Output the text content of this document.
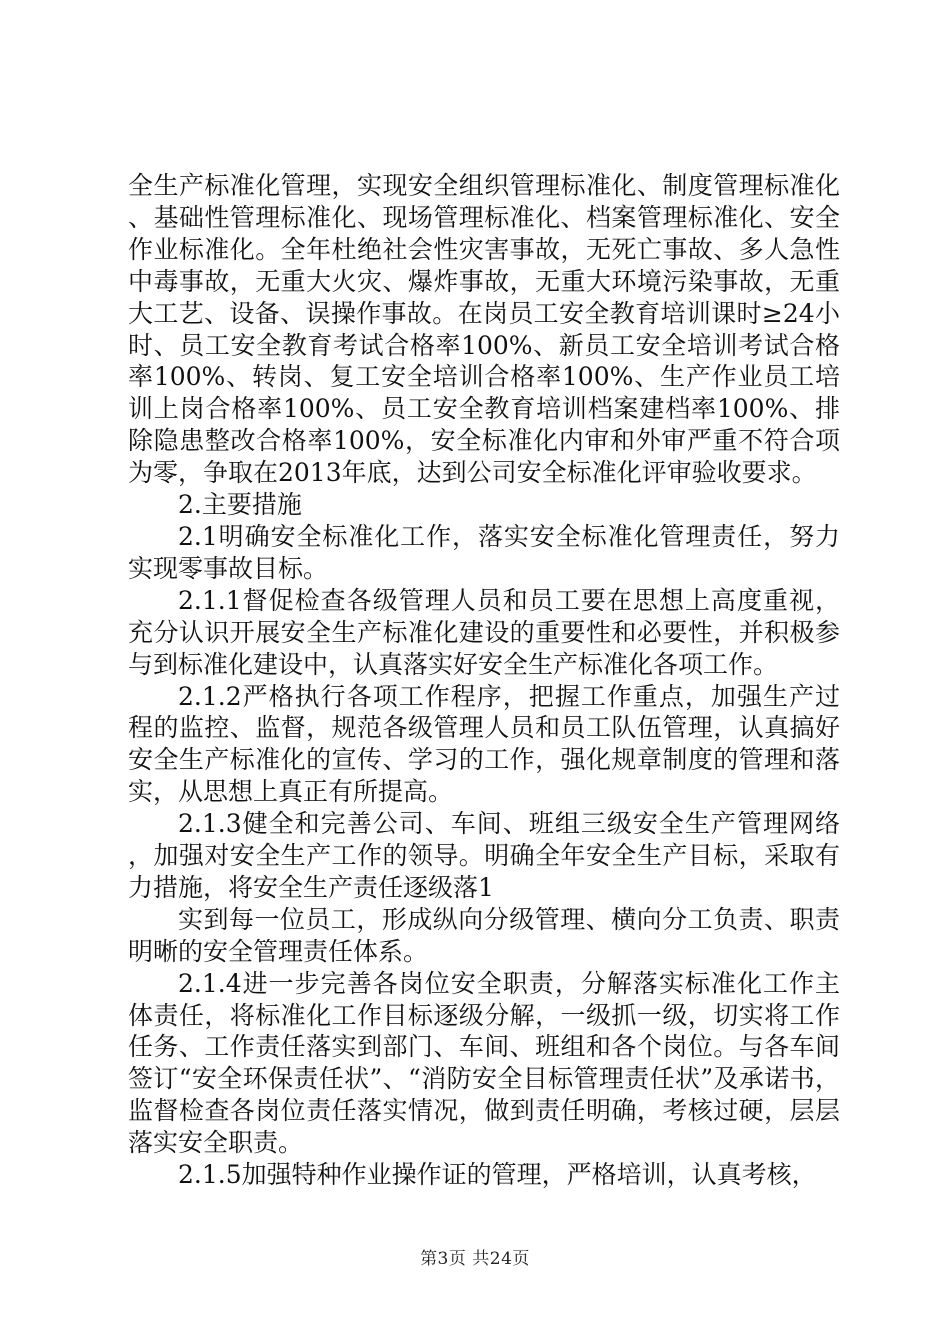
全生产标准化管理，实现安全组织管理标准化、制度管理标准化、基础性管理标准化、现场管理标准化、档案管理标准化、安全作业标准化。全年杜绝社会性灾害事故，无死亡事故、多人急性中毒事故，无重大火灾、爆炸事故，无重大环境污染事故，无重大工艺、设备、误操作事故。在岗员工安全教育培训课时≥24小时、员工安全教育考试合格率100%、新员工安全培训考试合格率100%、转岗、复工安全培训合格率100%、生产作业员工培训上岗合格率100%、员工安全教育培训档案建档率100%、排除隐患整改合格率100%，安全标准化内审和外审严重不符合项为零，争取在2013年底，达到公司安全标准化评审验收要求。

2.主要措施

2.1明确安全标准化工作，落实安全标准化管理责任，努力实现零事故目标。

2.1.1督促检查各级管理人员和员工要在思想上高度重视，充分认识开展安全生产标准化建设的重要性和必要性，并积极参与到标准化建设中，认真落实好安全生产标准化各项工作。

2.1.2严格执行各项工作程序，把握工作重点，加强生产过程的监控、监督，规范各级管理人员和员工队伍管理，认真搞好安全生产标准化的宣传、学习的工作，强化规章制度的管理和落实，从思想上真正有所提高。

2.1.3健全和完善公司、车间、班组三级安全生产管理网络，加强对安全生产工作的领导。明确全年安全生产目标，采取有力措施，将安全生产责任逐级落1

实到每一位员工，形成纵向分级管理、横向分工负责、职责明晰的安全管理责任体系。

2.1.4进一步完善各岗位安全职责，分解落实标准化工作主体责任，将标准化工作目标逐级分解，一级抓一级，切实将工作任务、工作责任落实到部门、车间、班组和各个岗位。与各车间签订“安全环保责任状”、“消防安全目标管理责任状”及承诺书，监督检查各岗位责任落实情况，做到责任明确，考核过硬，层层落实安全职责。

2.1.5加强特种作业操作证的管理，严格培训，认真考核，

第3页 共24页
